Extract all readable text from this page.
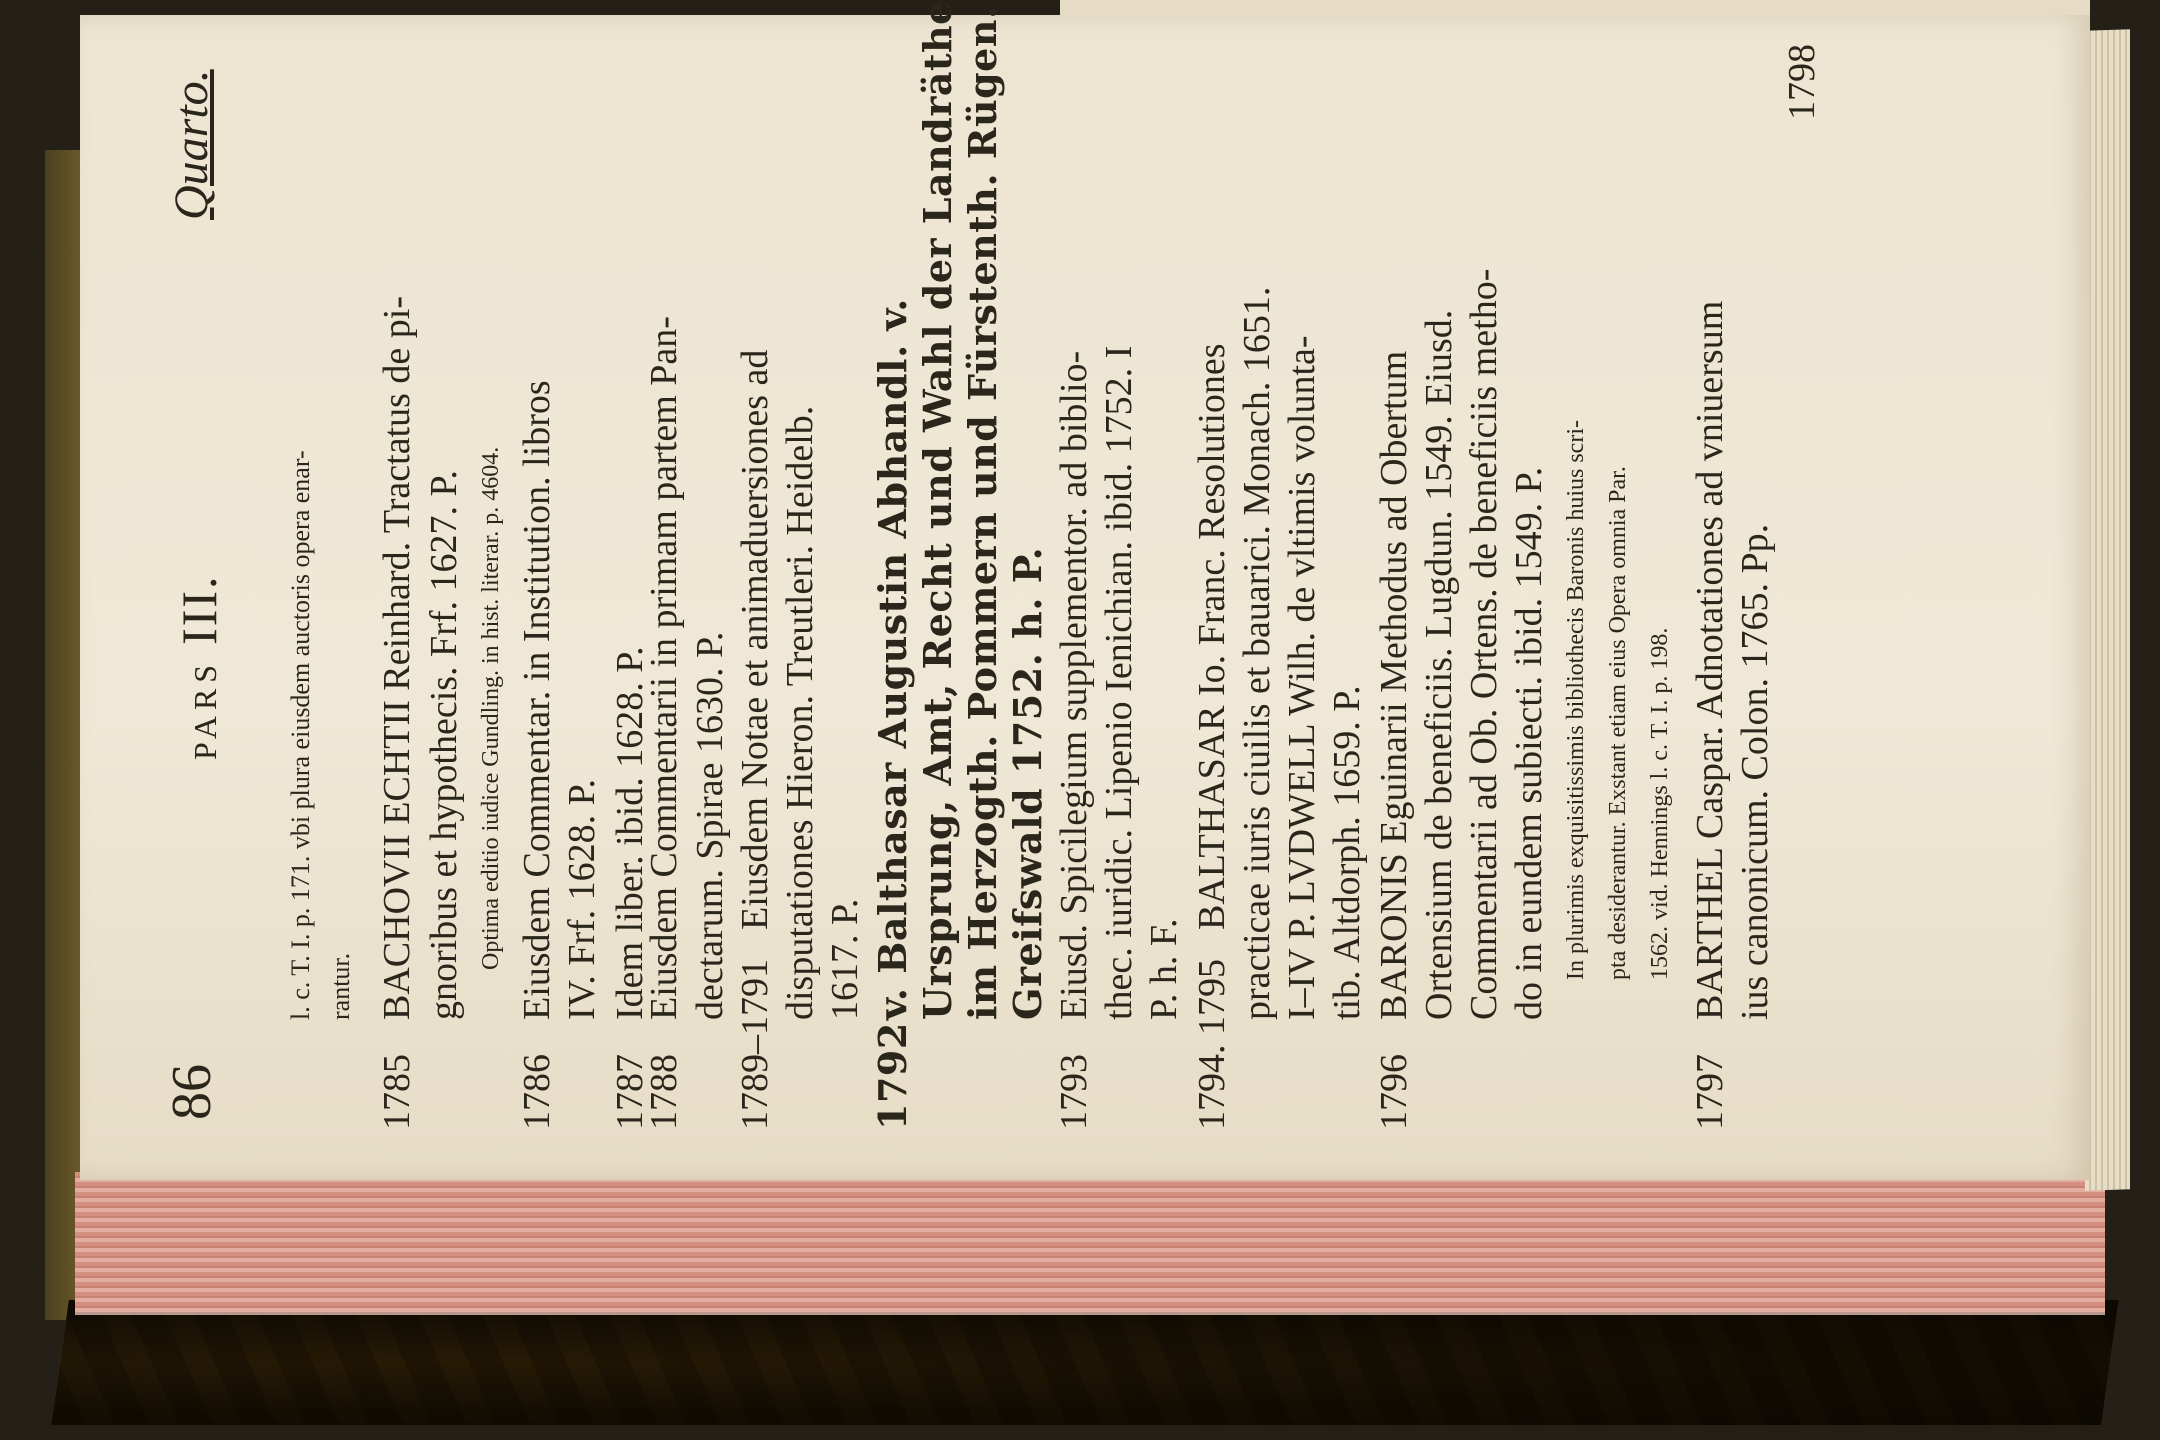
86
PARSIII.
Quarto.
l. c. T. I. p. 171. vbi plura eiusdem auctoris opera enar- rantur.
1785
BACHOVII ECHTII Reinhard. Tractatus de pi- gnoribus et hypothecis. Frf. 1627. P. Optima editio iudice Gundling. in hist. literar. p. 4604.
1786
Eiusdem Commentar. in Institution. libros IV. Frf. 1628. P.
1787
Idem liber. ibid. 1628. P.
1788
Eiusdem Commentarii in primam partem Pan- dectarum. Spirae 1630. P.
1789–1791
Eiusdem Notae et animaduersiones ad disputationes Hieron. Treutleri. Heidelb. 1617. P.
1792
v. Balthasar Augustin Abhandl. v. Ursprung, Amt, Recht und Wahl der Landräthe im Herzogth. Pommern und Fürstenth. Rügen. Greifswald 1752. h. P.
1793
Eiusd. Spicilegium supplementor. ad biblio- thec. iuridic. Lipenio Ienichian. ibid. 1752. I P. h. F. 1794. 1795
BALTHASAR Io. Franc. Resolutiones practicae iuris ciuilis et bauarici. Monach. 1651. I–IV P. LVDWELL Wilh. de vltimis volunta- tib. Altdorph. 1659. P.
1796
BARONIS Eguinarii Methodus ad Obertum Ortensium de beneficiis. Lugdun. 1549. Eiusd. Commentarii ad Ob. Ortens. de beneficiis metho- do in eundem subiecti. ibid. 1549. P. In plurimis exquisitissimis bibliothecis Baronis huius scri- pta desiderantur. Exstant etiam eius Opera omnia Par. 1562. vid. Hennings l. c. T. I. p. 198.
1797
BARTHEL Caspar. Adnotationes ad vniuersum ius canonicum. Colon. 1765. Pp.
1798
